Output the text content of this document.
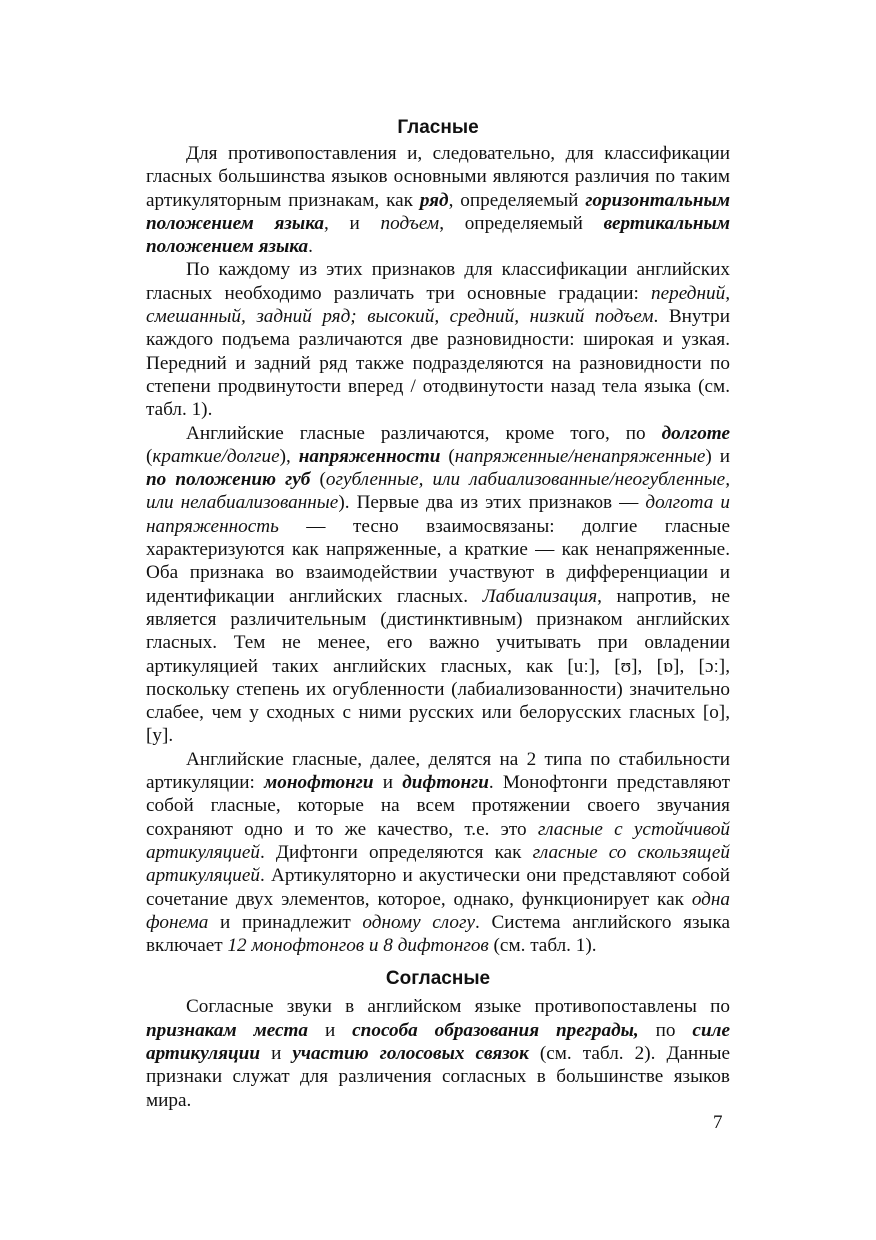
Гласные

Для противопоставления и, следовательно, для классификации гласных большинства языков основными являются различия по таким артикуляторным признакам, как ряд, определяемый горизонтальным положением языка, и подъем, определяемый вертикальным положением языка.

По каждому из этих признаков для классификации английских гласных необходимо различать три основные градации: передний, смешанный, задний ряд; высокий, средний, низкий подъем. Внутри каждого подъема различаются две разновидности: широкая и узкая. Передний и задний ряд также подразделяются на разновидности по степени продвинутости вперед / отодвинутости назад тела языка (см. табл. 1).

Английские гласные различаются, кроме того, по долготе (краткие/долгие), напряженности (напряженные/ненапряженные) и по положению губ (огубленные, или лабиализованные/неогубленные, или нелабиализованные). Первые два из этих признаков — долгота и напряженность — тесно взаимосвязаны: долгие гласные характеризуются как напряженные, а краткие — как ненапряженные. Оба признака во взаимодействии участвуют в дифференциации и идентификации английских гласных. Лабиализация, напротив, не является различительным (дистинктивным) признаком английских гласных. Тем не менее, его важно учитывать при овладении артикуляцией таких английских гласных, как [uː], [ʊ], [ɒ], [ɔː], поскольку степень их огубленности (лабиализованности) значительно слабее, чем у сходных с ними русских или белорусских гласных [о], [у].

Английские гласные, далее, делятся на 2 типа по стабильности артикуляции: монофтонги и дифтонги. Монофтонги представляют собой гласные, которые на всем протяжении своего звучания сохраняют одно и то же качество, т.е. это гласные с устойчивой артикуляцией. Дифтонги определяются как гласные со скользящей артикуляцией. Артикуляторно и акустически они представляют собой сочетание двух элементов, которое, однако, функционирует как одна фонема и принадлежит одному слогу. Система английского языка включает 12 монофтонгов и 8 дифтонгов (см. табл. 1).

Согласные

Согласные звуки в английском языке противопоставлены по признакам места и способа образования преграды, по силе артикуляции и участию голосовых связок (см. табл. 2). Данные признаки служат для различения согласных в большинстве языков мира.

7
